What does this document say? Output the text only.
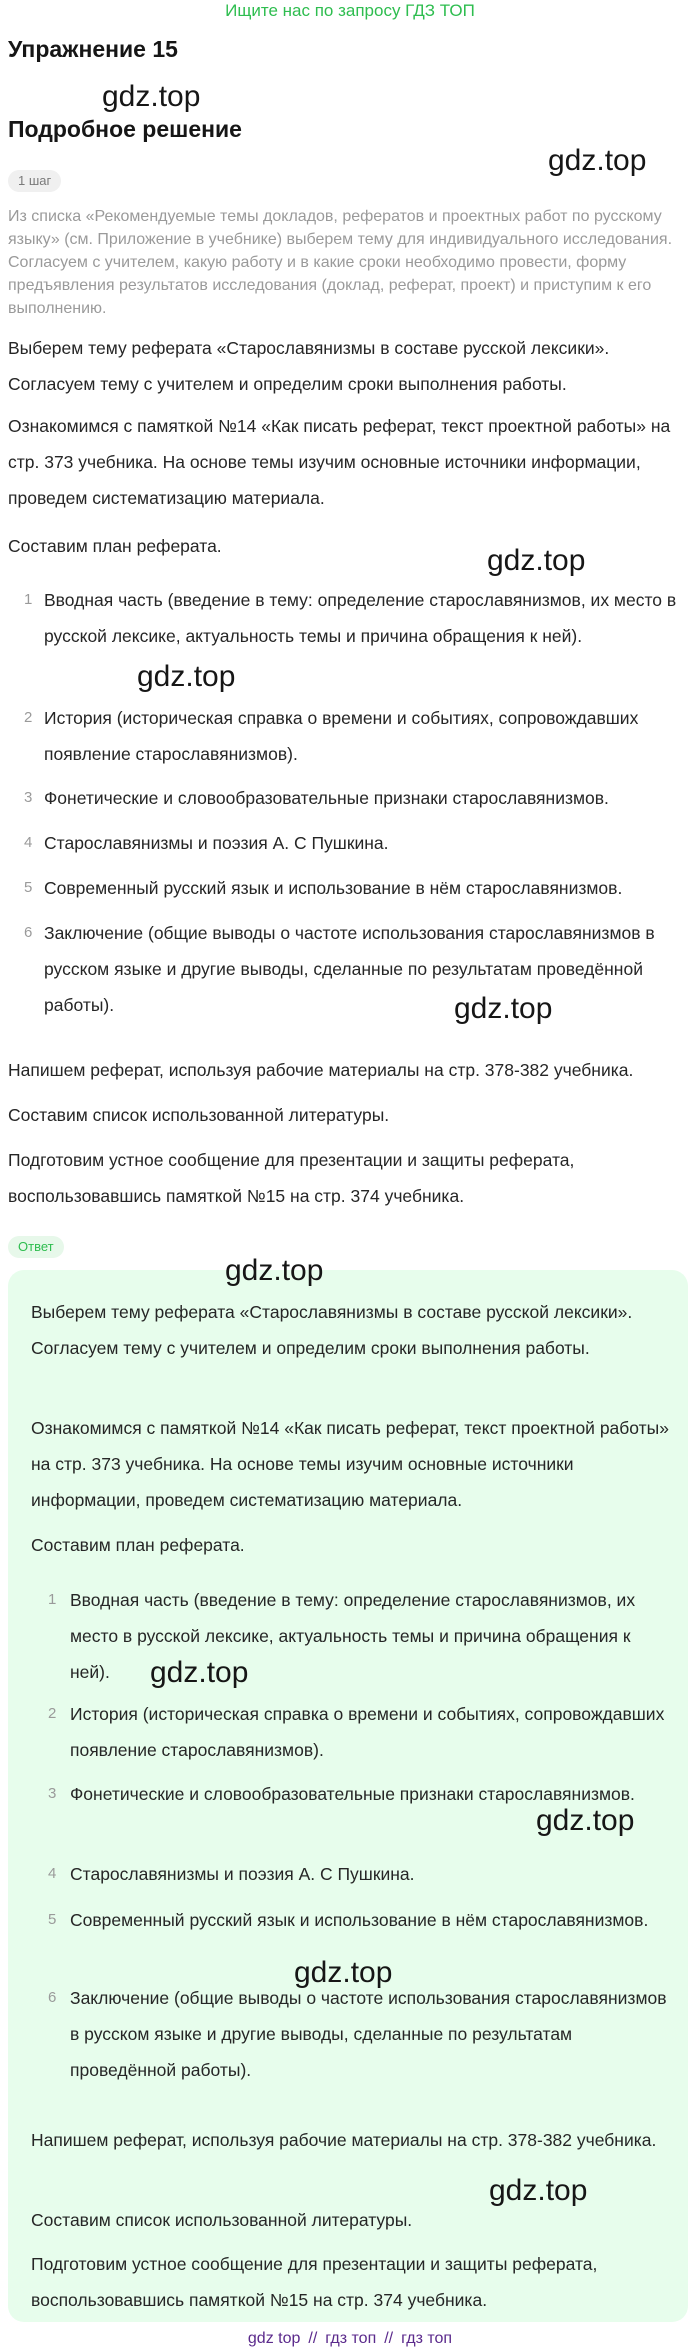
Ищите нас по запросу ГДЗ ТОП
Упражнение 15
gdz.top
Подробное решение
gdz.top
1 шаг
Из списка «Рекомендуемые темы докладов, рефератов и проектных работ по русскому языку» (см. Приложение в учебнике) выберем тему для индивидуального исследования.
Согласуем с учителем, какую работу и в какие сроки необходимо провести, форму предъявления результатов исследования (доклад, реферат, проект) и приступим к его выполнению.
Выберем тему реферата «Старославянизмы в составе русской лексики». Согласуем тему с учителем и определим сроки выполнения работы.
Ознакомимся с памяткой №14 «Как писать реферат, текст проектной работы» на стр. 373 учебника. На основе темы изучим основные источники информации, проведем систематизацию материала.
Составим план реферата.	gdz.top
1 Вводная часть (введение в тему: определение старославянизмов, их место в русской лексике, актуальность темы и причина обращения к ней).
2 История (историческая справка о времени и событиях, сопровождавших появление старославянизмов).
3 Фонетические и словообразовательные признаки старославянизмов.
4 Старославянизмы и поэзия А. С Пушкина.
5 Современный русский язык и использование в нём старославянизмов.
6 Заключение (общие выводы о частоте использования старославянизмов в русском языке и другие выводы, сделанные по результатам проведённой работы).
gdz.top
gdz.top
Напишем реферат, используя рабочие материалы на стр. 378-382 учебника.
Составим список использованной литературы.
Подготовим устное сообщение для презентации и защиты реферата, воспользовавшись памяткой №15 на стр. 374 учебника.
Ответ
gdz.top
Выберем тему реферата «Старославянизмы в составе русской лексики». Согласуем тему с учителем и определим сроки выполнения работы.
Ознакомимся с памяткой №14 «Как писать реферат, текст проектной работы» на стр. 373 учебника. На основе темы изучим основные источники информации, проведем систематизацию материала.
Составим план реферата.
1 Вводная часть (введение в тему: определение старославянизмов, их место в русской лексике, актуальность темы и причина обращения к ней).
2 История (историческая справка о времени и событиях, сопровождавших появление старославянизмов).
3 Фонетические и словообразовательные признаки старославянизмов.
4 Старославянизмы и поэзия А. С Пушкина.
5 Современный русский язык и использование в нём старославянизмов.
6 Заключение (общие выводы о частоте использования старославянизмов в русском языке и другие выводы, сделанные по результатам проведённой работы).
gdz.top
gdz.top
gdz.top
Напишем реферат, используя рабочие материалы на стр. 378-382 учебника.
gdz.top
Составим список использованной литературы.
Подготовим устное сообщение для презентации и защиты реферата, воспользовавшись памяткой №15 на стр. 374 учебника.
gdz top // гдз топ // гдз топ
